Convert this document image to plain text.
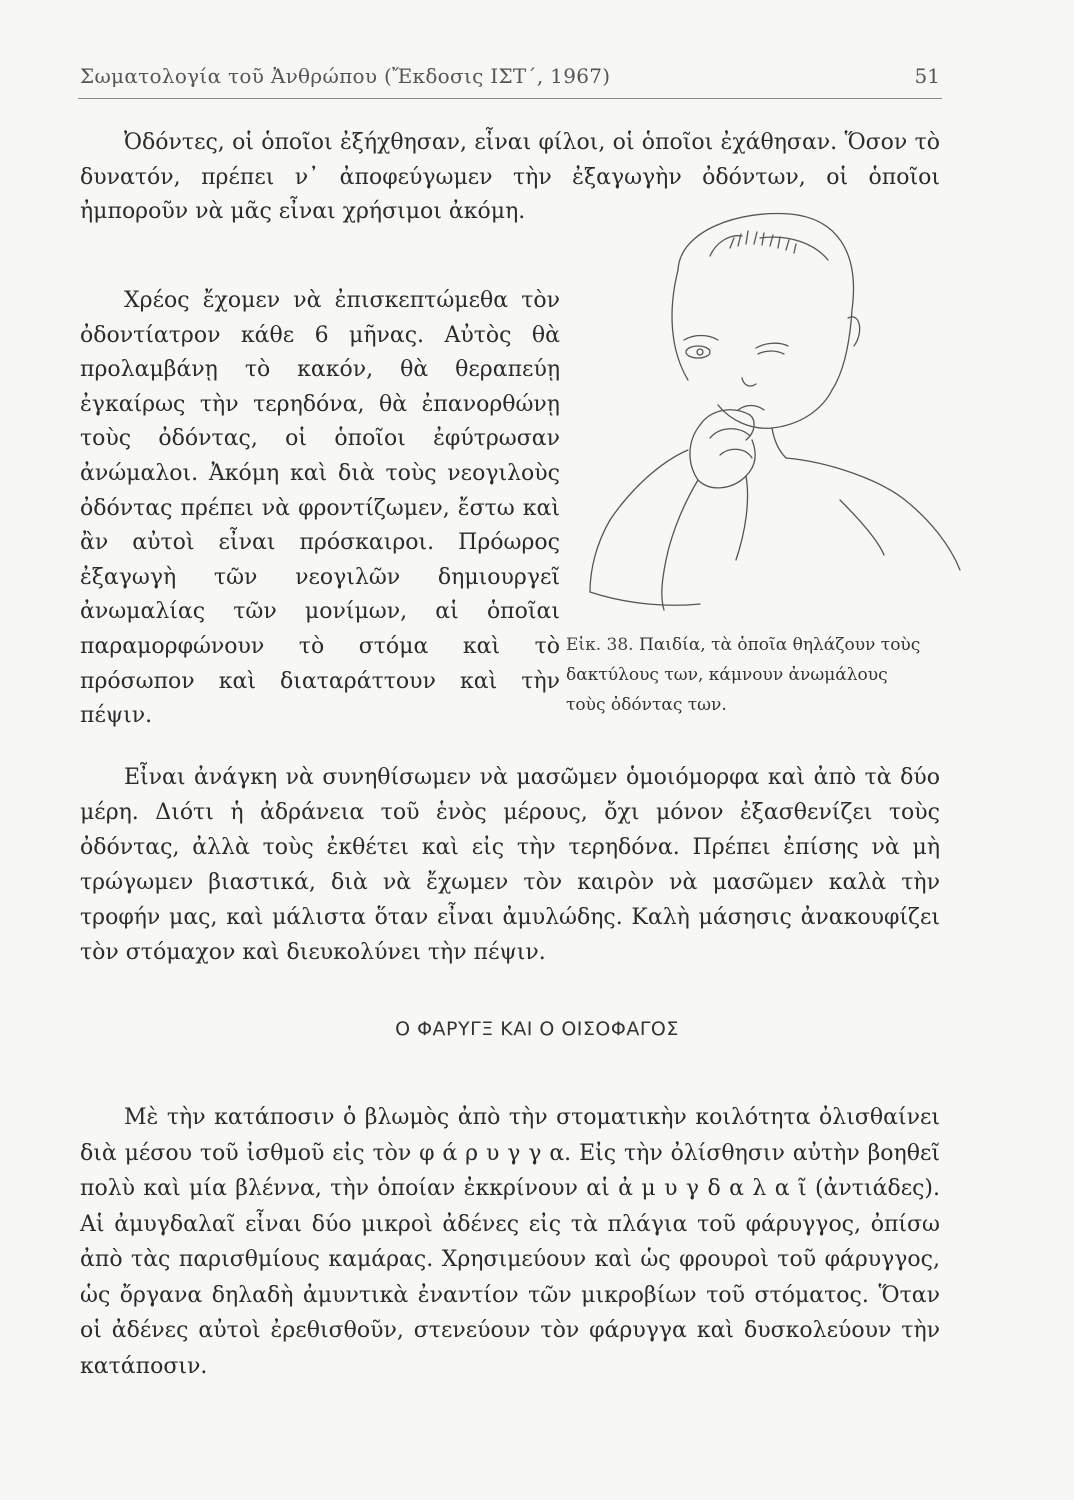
Σωματολογία τοῦ Ἀνθρώπου (Ἔκδοσις ΙΣΤ΄, 1967)	51

Ὀδόντες, οἱ ὁποῖοι ἐξήχθησαν, εἶναι φίλοι, οἱ ὁποῖοι ἐχάθησαν. Ὅσον τὸ δυνατόν, πρέπει ν᾽ ἀποφεύγωμεν τὴν ἐξαγωγὴν ὀδόντων, οἱ ὁποῖοι ἠμποροῦν νὰ μᾶς εἶναι χρήσιμοι ἀκόμη.

Χρέος ἔχομεν νὰ ἐπισκεπτώμεθα τὸν ὀδοντίατρον κάθε 6 μῆνας. Αὐτὸς θὰ προλαμβάνῃ τὸ κακόν, θὰ θεραπεύῃ ἐγκαίρως τὴν τερηδόνα, θὰ ἐπανορθώνῃ τοὺς ὀδόντας, οἱ ὁποῖοι ἐφύτρωσαν ἀνώμαλοι. Ἀκόμη καὶ διὰ τοὺς νεογιλοὺς ὀδόντας πρέπει νὰ φροντίζωμεν, ἔστω καὶ ἂν αὐτοὶ εἶναι πρόσκαιροι. Πρόωρος ἐξαγωγὴ τῶν νεογιλῶν δημιουργεῖ ἀνωμαλίας τῶν μονίμων, αἱ ὁποῖαι παραμορφώνουν τὸ στόμα καὶ τὸ πρόσωπον καὶ διαταράττουν καὶ τὴν πέψιν.

Εἰκ. 38. Παιδία, τὰ ὁποῖα θηλάζουν τοὺς δακτύλους των, κάμνουν ἀνωμάλους τοὺς ὀδόντας των.

Εἶναι ἀνάγκη νὰ συνηθίσωμεν νὰ μασῶμεν ὁμοιόμορφα καὶ ἀπὸ τὰ δύο μέρη. Διότι ἡ ἀδράνεια τοῦ ἑνὸς μέρους, ὄχι μόνον ἐξασθενίζει τοὺς ὀδόντας, ἀλλὰ τοὺς ἐκθέτει καὶ εἰς τὴν τερηδόνα. Πρέπει ἐπίσης νὰ μὴ τρώγωμεν βιαστικά, διὰ νὰ ἔχωμεν τὸν καιρὸν νὰ μασῶμεν καλὰ τὴν τροφήν μας, καὶ μάλιστα ὅταν εἶναι ἀμυλώδης. Καλὴ μάσησις ἀνακουφίζει τὸν στόμαχον καὶ διευκολύνει τὴν πέψιν.

Ο ΦΑΡΥΓΞ ΚΑΙ Ο ΟΙΣΟΦΑΓΟΣ

Μὲ τὴν κατάποσιν ὁ βλωμὸς ἀπὸ τὴν στοματικὴν κοιλότητα ὀλισθαίνει διὰ μέσου τοῦ ἰσθμοῦ εἰς τὸν φ ά ρ υ γ γ α. Εἰς τὴν ὀλίσθησιν αὐτὴν βοηθεῖ πολὺ καὶ μία βλέννα, τὴν ὁποίαν ἐκκρίνουν αἱ ἀ μ υ γ δ α λ α ῖ (ἀντιάδες). Αἱ ἀμυγδαλαῖ εἶναι δύο μικροὶ ἀδένες εἰς τὰ πλάγια τοῦ φάρυγγος, ὀπίσω ἀπὸ τὰς παρισθμίους καμάρας. Χρησιμεύουν καὶ ὡς φρουροὶ τοῦ φάρυγγος, ὡς ὄργανα δηλαδὴ ἀμυντικὰ ἐναντίον τῶν μικροβίων τοῦ στόματος. Ὅταν οἱ ἀδένες αὐτοὶ ἐρεθισθοῦν, στενεύουν τὸν φάρυγγα καὶ δυσκολεύουν τὴν κατάποσιν.
